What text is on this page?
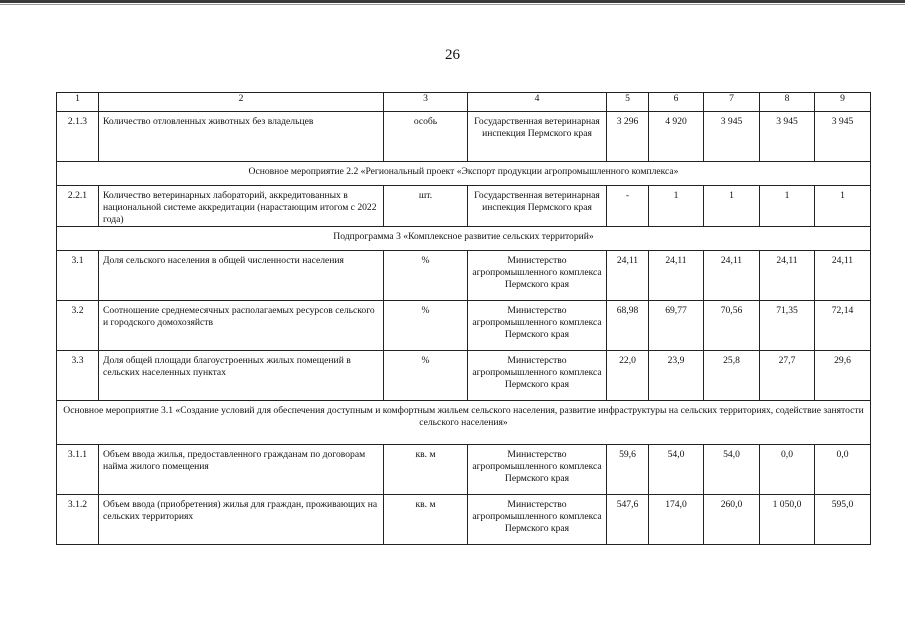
26
1	2	3	4	5	6	7	8	9

2.1.3	Количество отловленных животных без владельцев	особь	Государственная ветеринарная инспекция Пермского края	3 296	4 920	3 945	3 945	3 945

Основное мероприятие 2.2 «Региональный проект «Экспорт продукции агропромышленного комплекса»								

2.2.1	Количество ветеринарных лабораторий, аккредитованных в национальной системе аккредитации (нарастающим итогом с 2022 года)	шт.	Государственная ветеринарная инспекция Пермского края	-	1	1	1	1

Подпрограмма 3 «Комплексное развитие сельских территорий»								

3.1	Доля сельского населения в общей численности населения	%	Министерство агропромышленного комплекса Пермского края	24,11	24,11	24,11	24,11	24,11

3.2	Соотношение среднемесячных располагаемых ресурсов сельского и городского домохозяйств	%	Министерство агропромышленного комплекса Пермского края	68,98	69,77	70,56	71,35	72,14

3.3	Доля общей площади благоустроенных жилых помещений в сельских населенных пунктах	%	Министерство агропромышленного комплекса Пермского края	22,0	23,9	25,8	27,7	29,6

Основное мероприятие 3.1 «Создание условий для обеспечения доступным и комфортным жильем сельского населения, развитие инфраструктуры на сельских территориях, содействие занятости сельского населения»								

3.1.1	Объем ввода жилья, предоставленного гражданам по договорам найма жилого помещения	кв. м	Министерство агропромышленного комплекса Пермского края	59,6	54,0	54,0	0,0	0,0

3.1.2	Объем ввода (приобретения) жилья для граждан, проживающих на сельских территориях	кв. м	Министерство агропромышленного комплекса Пермского края	547,6	174,0	260,0	1 050,0	595,0
